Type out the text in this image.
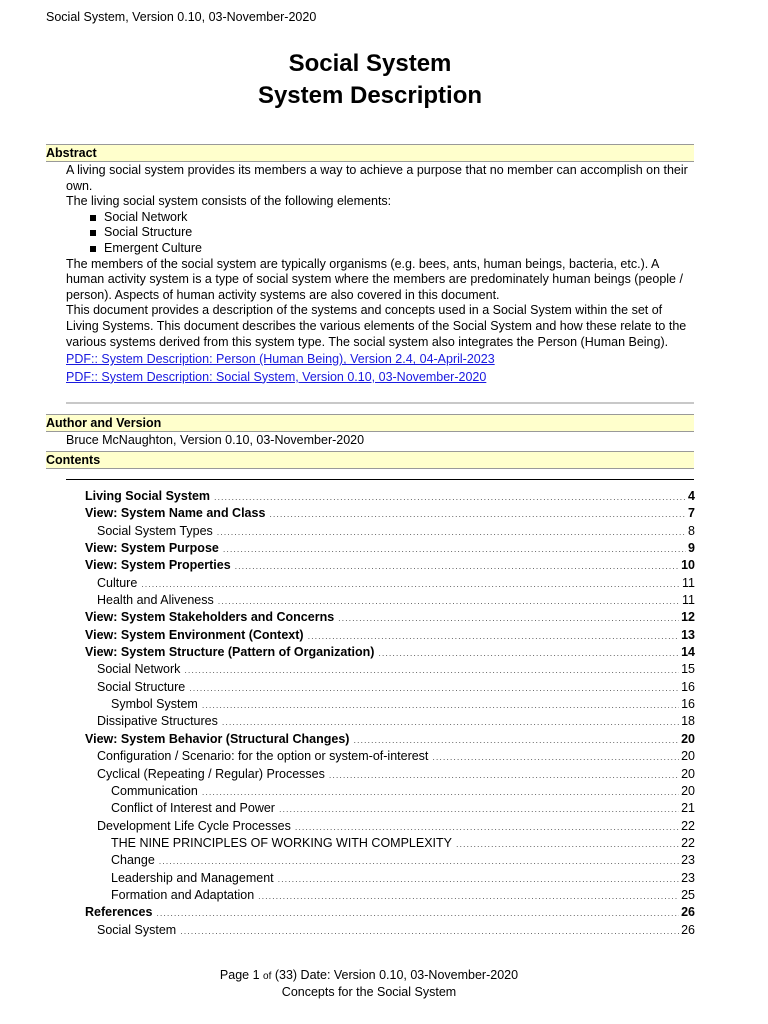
Social System, Version 0.10, 03-November-2020
Social System
System Description
Abstract

A living social system provides its members a way to achieve a purpose that no member can accomplish on their own.

The living social system consists of the following elements:

Social Network
Social Structure
Emergent Culture

The members of the social system are typically organisms (e.g. bees, ants, human beings, bacteria, etc.). A human activity system is a type of social system where the members are predominately human beings (people / person). Aspects of human activity systems are also covered in this document.

This document provides a description of the systems and concepts used in a Social System within the set of Living Systems. This document describes the various elements of the Social System and how these relate to the various systems derived from this system type. The social system also integrates the Person (Human Being).

PDF:: System Description: Person (Human Being), Version 2.4, 04-April-2023
PDF:: System Description: Social System, Version 0.10, 03-November-2020
Author and Version
Bruce McNaughton, Version 0.10, 03-November-2020
Contents
Living Social System .....	4
View: System Name and Class .....	7
Social System Types .....	8
View: System Purpose .....	9
View: System Properties .....	10
Culture .....	11
Health and Aliveness .....	11
View: System Stakeholders and Concerns .....	12
View: System Environment (Context) .....	13
View: System Structure (Pattern of Organization) .....	14
Social Network .....	15
Social Structure .....	16
Symbol System .....	16
Dissipative Structures .....	18
View: System Behavior (Structural Changes) .....	20
Configuration / Scenario: for the option or system-of-interest .....	20
Cyclical (Repeating / Regular) Processes .....	20
Communication .....	20
Conflict of Interest and Power .....	21
Development Life Cycle Processes .....	22
THE NINE PRINCIPLES OF WORKING WITH COMPLEXITY .....	22
Change .....	23
Leadership and Management .....	23
Formation and Adaptation .....	25
References .....	26
Social System .....	26
Page 1 of (33) Date: Version 0.10, 03-November-2020
Concepts for the Social System
